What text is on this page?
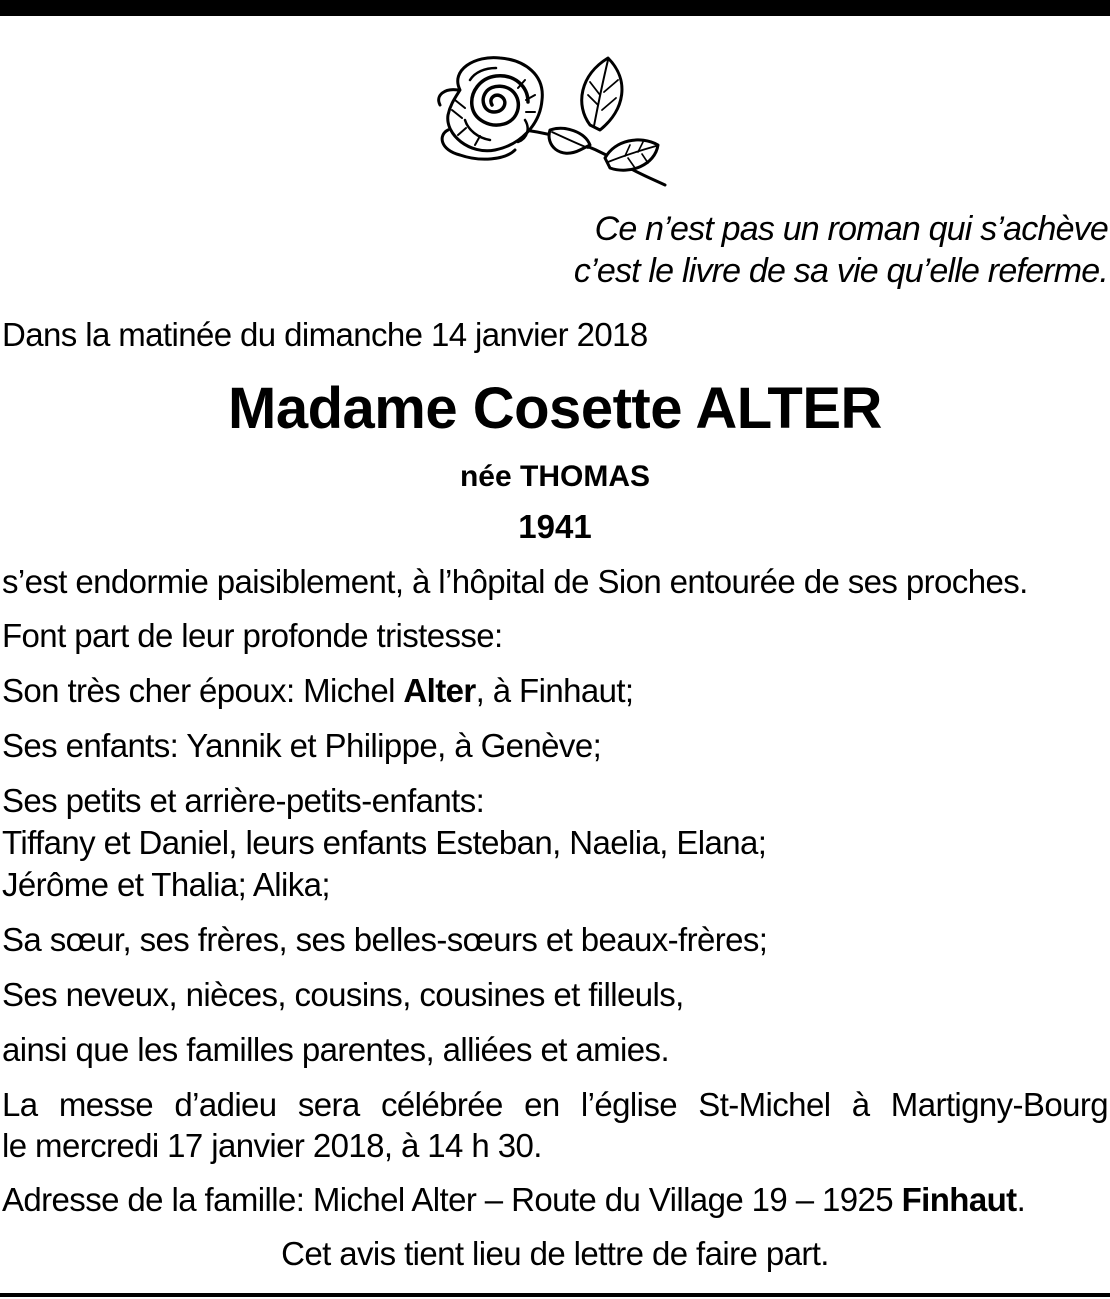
Ce n’est pas un roman qui s’achève
c’est le livre de sa vie qu’elle referme.
Dans la matinée du dimanche 14 janvier 2018
Madame Cosette ALTER
née THOMAS
1941
s’est endormie paisiblement, à l’hôpital de Sion entourée de ses proches.
Font part de leur profonde tristesse:
Son très cher époux: Michel Alter, à Finhaut;
Ses enfants: Yannik et Philippe, à Genève;
Ses petits et arrière-petits-enfants:
Tiffany et Daniel, leurs enfants Esteban, Naelia, Elana;
Jérôme et Thalia; Alika;
Sa sœur, ses frères, ses belles-sœurs et beaux-frères;
Ses neveux, nièces, cousins, cousines et filleuls,
ainsi que les familles parentes, alliées et amies.
La messe d’adieu sera célébrée en l’église St-Michel à Martigny-Bourg
le mercredi 17 janvier 2018, à 14 h 30.
Adresse de la famille: Michel Alter – Route du Village 19 – 1925 Finhaut.
Cet avis tient lieu de lettre de faire part.
